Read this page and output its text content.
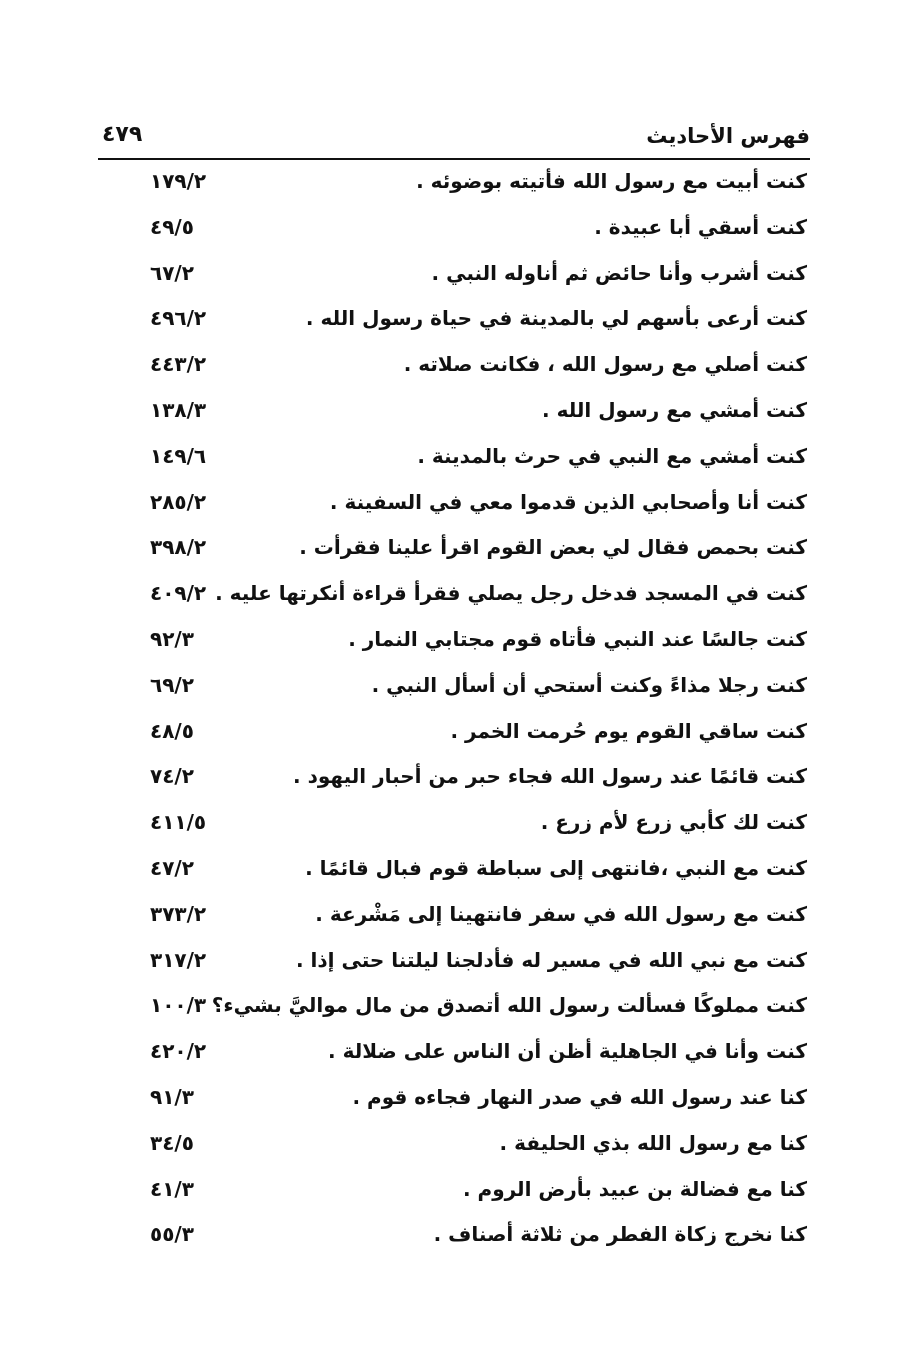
فهرس الأحاديث
٤٧٩
كنت أبيت مع رسول الله فأتيته بوضوئه .
١٧٩/٢
كنت أسقي أبا عبيدة .
٤٩/٥
كنت أشرب وأنا حائض ثم أناوله النبي .
٦٧/٢
كنت أرعى بأسهم لي بالمدينة في حياة رسول الله .
٤٩٦/٢
كنت أصلي مع رسول الله ، فكانت صلاته .
٤٤٣/٢
كنت أمشي مع رسول الله .
١٣٨/٣
كنت أمشي مع النبي في حرث بالمدينة .
١٤٩/٦
كنت أنا وأصحابي الذين قدموا معي في السفينة .
٢٨٥/٢
كنت بحمص فقال لي بعض القوم اقرأ علينا فقرأت .
٣٩٨/٢
كنت في المسجد فدخل رجل يصلي فقرأ قراءة أنكرتها عليه .
٤٠٩/٢
كنت جالسًا عند النبي فأتاه قوم مجتابي النمار .
٩٢/٣
كنت رجلا مذاءً وكنت أستحي أن أسأل النبي .
٦٩/٢
كنت ساقي القوم يوم حُرمت الخمر .
٤٨/٥
كنت قائمًا عند رسول الله فجاء حبر من أحبار اليهود .
٧٤/٢
كنت لك كأبي زرع لأم زرع .
٤١١/٥
كنت مع النبي ،فانتهى إلى سباطة قوم فبال قائمًا .
٤٧/٢
كنت مع رسول الله في سفر فانتهينا إلى مَشْرعة .
٣٧٣/٢
كنت مع نبي الله في مسير له فأدلجنا ليلتنا حتى إذا .
٣١٧/٢
كنت مملوكًا فسألت رسول الله أتصدق من مال مواليَّ بشيء؟
١٠٠/٣
كنت وأنا في الجاهلية أظن أن الناس على ضلالة .
٤٢٠/٢
كنا عند رسول الله في صدر النهار فجاءه قوم .
٩١/٣
كنا مع رسول الله بذي الحليفة .
٣٤/٥
كنا مع فضالة بن عبيد بأرض الروم .
٤١/٣
كنا نخرج زكاة الفطر من ثلاثة أصناف .
٥٥/٣
